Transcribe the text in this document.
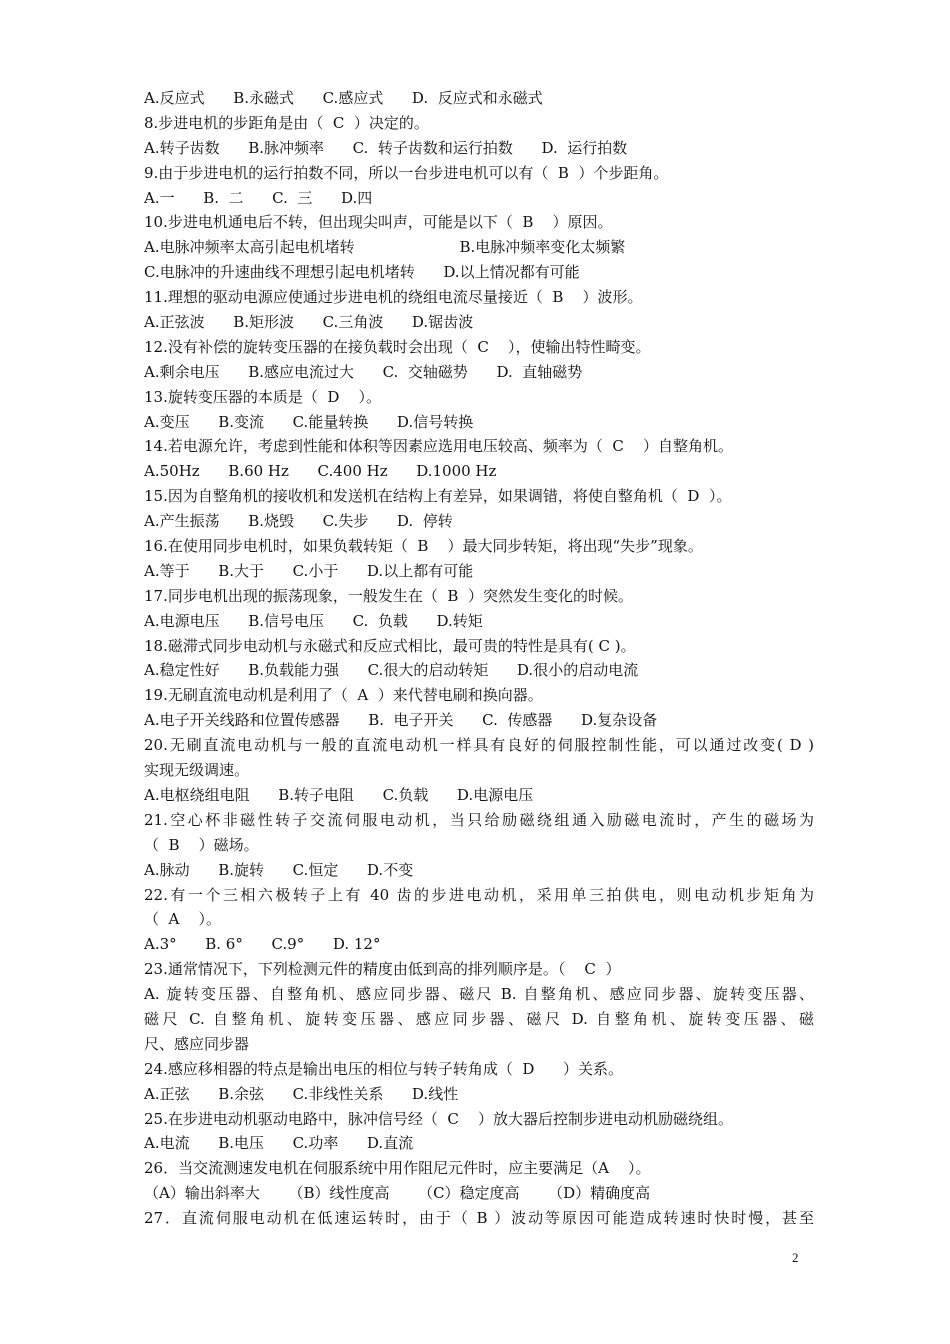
A.反应式      B.永磁式      C.感应式      D.  反应式和永磁式
8.步进电机的步距角是由（  C  ）决定的。
A.转子齿数      B.脉冲频率      C.  转子齿数和运行拍数      D.  运行拍数
9.由于步进电机的运行拍数不同，所以一台步进电机可以有（  B  ）个步距角。
A.一      B.  二      C.  三      D.四
10.步进电机通电后不转，但出现尖叫声，可能是以下（  B    ）原因。
A.电脉冲频率太高引起电机堵转                      B.电脉冲频率变化太频繁
C.电脉冲的升速曲线不理想引起电机堵转      D.以上情况都有可能
11.理想的驱动电源应使通过步进电机的绕组电流尽量接近（  B    ）波形。
A.正弦波      B.矩形波      C.三角波      D.锯齿波
12.没有补偿的旋转变压器的在接负载时会出现（  C    ），使输出特性畸变。
A.剩余电压      B.感应电流过大      C.  交轴磁势      D.  直轴磁势
13.旋转变压器的本质是（  D    ）。
A.变压      B.变流      C.能量转换      D.信号转换
14.若电源允许，考虑到性能和体积等因素应选用电压较高、频率为（  C    ）自整角机。
A.50Hz      B.60 Hz      C.400 Hz      D.1000 Hz
15.因为自整角机的接收机和发送机在结构上有差异，如果调错，将使自整角机（  D  ）。
A.产生振荡      B.烧毁      C.失步      D.  停转
16.在使用同步电机时，如果负载转矩（  B    ）最大同步转矩，将出现“失步”现象。
A.等于      B.大于      C.小于      D.以上都有可能
17.同步电机出现的振荡现象，一般发生在（  B  ）突然发生变化的时候。
A.电源电压      B.信号电压      C.  负载      D.转矩
18.磁滞式同步电动机与永磁式和反应式相比，最可贵的特性是具有( C )。
A.稳定性好      B.负载能力强      C.很大的启动转矩      D.很小的启动电流
19.无刷直流电动机是利用了（  A  ）来代替电刷和换向器。
A.电子开关线路和位置传感器      B.  电子开关      C.  传感器      D.复杂设备
20.无刷直流电动机与一般的直流电动机一样具有良好的伺服控制性能，可以通过改变( D )
实现无级调速。
A.电枢绕组电阻      B.转子电阻      C.负载      D.电源电压
21.空心杯非磁性转子交流伺服电动机，当只给励磁绕组通入励磁电流时，产生的磁场为
（  B    ）磁场。
A.脉动      B.旋转      C.恒定      D.不变
22.有一个三相六极转子上有 40 齿的步进电动机，采用单三拍供电，则电动机步矩角为
（  A    ）。
A.3°      B. 6°      C.9°      D. 12°
23.通常情况下，下列检测元件的精度由低到高的排列顺序是。（    C  ）
A. 旋转变压器、自整角机、感应同步器、磁尺 B. 自整角机、感应同步器、旋转变压器、
磁尺 C. 自整角机、旋转变压器、感应同步器、磁尺 D. 自整角机、旋转变压器、磁
尺、感应同步器
24.感应移相器的特点是输出电压的相位与转子转角成（  D      ）关系。
A.正弦      B.余弦      C.非线性关系      D.线性
25.在步进电动机驱动电路中，脉冲信号经（  C    ）放大器后控制步进电动机励磁绕组。
A.电流      B.电压      C.功率      D.直流
26．当交流测速发电机在伺服系统中用作阻尼元件时，应主要满足（A    ）。
（A）输出斜率大      （B）线性度高      （C）稳定度高      （D）精确度高
27．直流伺服电动机在低速运转时，由于（ B ）波动等原因可能造成转速时快时慢，甚至
2
